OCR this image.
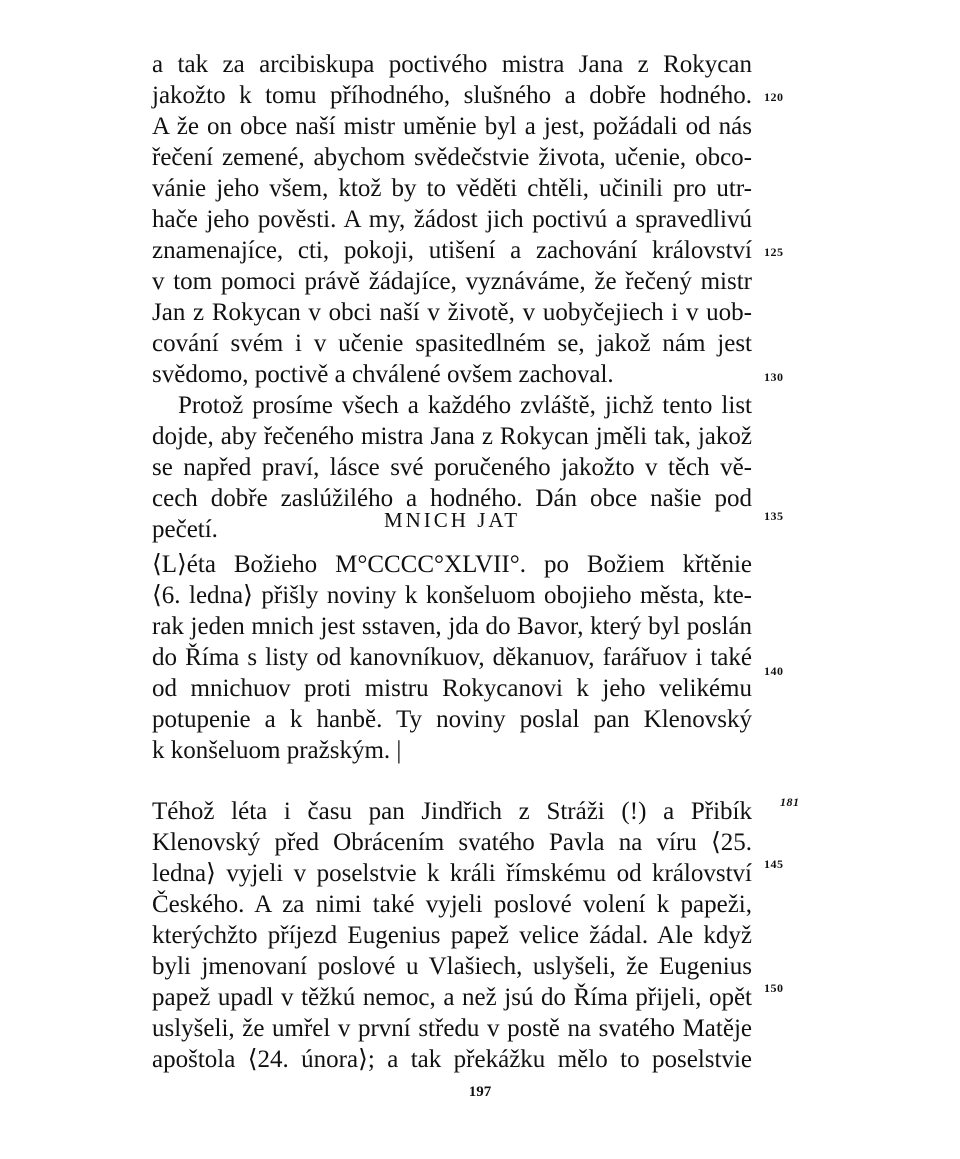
a tak za arcibiskupa poctivého mistra Jana z Rokycan
jakožto k tomu příhodného, slušného a dobře hodného.
A že on obce naší mistr uměnie byl a jest, požádali od nás
řečení zemené, abychom svědečstvie života, učenie, obco-
vánie jeho všem, ktož by to věděti chtěli, učinili pro utr-
hače jeho pověsti. A my, žádost jich poctivú a spravedlivú
znamenajíce, cti, pokoji, utišení a zachování království
v tom pomoci právě žádajíce, vyznáváme, že řečený mistr
Jan z Rokycan v obci naší v životě, v uobyčejiech i v uob-
cování svém i v učenie spasitedlném se, jakož nám jest
svědomo, poctivě a chválené ovšem zachoval.
Protož prosíme všech a každého zvláště, jichž tento list
dojde, aby řečeného mistra Jana z Rokycan jměli tak, jakož
se napřed praví, lásce své poručeného jakožto v těch vě-
cech dobře zaslúžilého a hodného. Dán obce našie pod
pečetí.	MNICH JAT
⟨L⟩éta Božieho M°CCCC°XLVII°. po Božiem křtěnie
⟨6. ledna⟩ přišly noviny k konšeluom obojieho města, kte-
rak jeden mnich jest sstaven, jda do Bavor, který byl poslán
do Říma s listy od kanovníkuov, děkanuov, farářuov i také
od mnichuov proti mistru Rokycanovi k jeho velikému
potupenie a k hanbě. Ty noviny poslal pan Klenovský
k konšeluom pražským. |
Téhož léta i času pan Jindřich z Stráži (!) a Přibík
Klenovský před Obrácením svatého Pavla na víru ⟨25.
ledna⟩ vyjeli v poselstvie k králi římskému od království
Českého. A za nimi také vyjeli poslové volení k papeži,
kterýchžto příjezd Eugenius papež velice žádal. Ale když
byli jmenovaní poslové u Vlašiech, uslyšeli, že Eugenius
120
125
130
135
140
181
145
197
papež upadl v těžkú nemoc, a než jsú do Říma přijeli, opět
uslyšeli, že umřel v první středu v postě na svatého Matěje
apoštola ⟨24. února⟩; a tak překážku mělo to poselstvie
150
